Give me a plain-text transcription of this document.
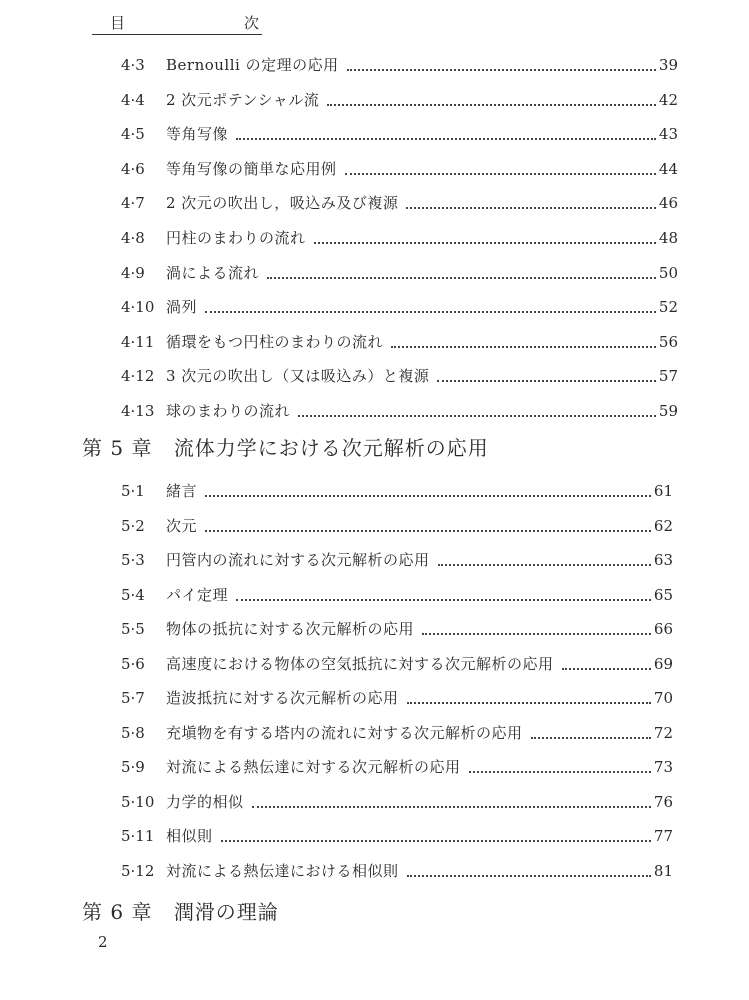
目	次
4·3	Bernoulli の定理の応用	39
4·4	2 次元ポテンシャル流	42
4·5	等角写像	43
4·6	等角写像の簡単な応用例	44
4·7	2 次元の吹出し，吸込み及び複源	46
4·8	円柱のまわりの流れ	48
4·9	渦による流れ	50
4·10 渦列	52
4·11 循環をもつ円柱のまわりの流れ	56
4·12 3 次元の吹出し（又は吸込み）と複源	57
4·13 球のまわりの流れ	59
第 5 章 流体力学における次元解析の応用
5·1	緒言	61
5·2	次元	62
5·3	円管内の流れに対する次元解析の応用	63
5·4	パイ定理	65
5·5	物体の抵抗に対する次元解析の応用	66
5·6	高速度における物体の空気抵抗に対する次元解析の応用	69
5·7	造波抵抗に対する次元解析の応用	70
5·8	充塡物を有する塔内の流れに対する次元解析の応用	72
5·9	対流による熱伝達に対する次元解析の応用	73
5·10 力学的相似	76
5·11 相似則	77
5·12 対流による熱伝達における相似則	81
第 6 章 潤滑の理論
2
